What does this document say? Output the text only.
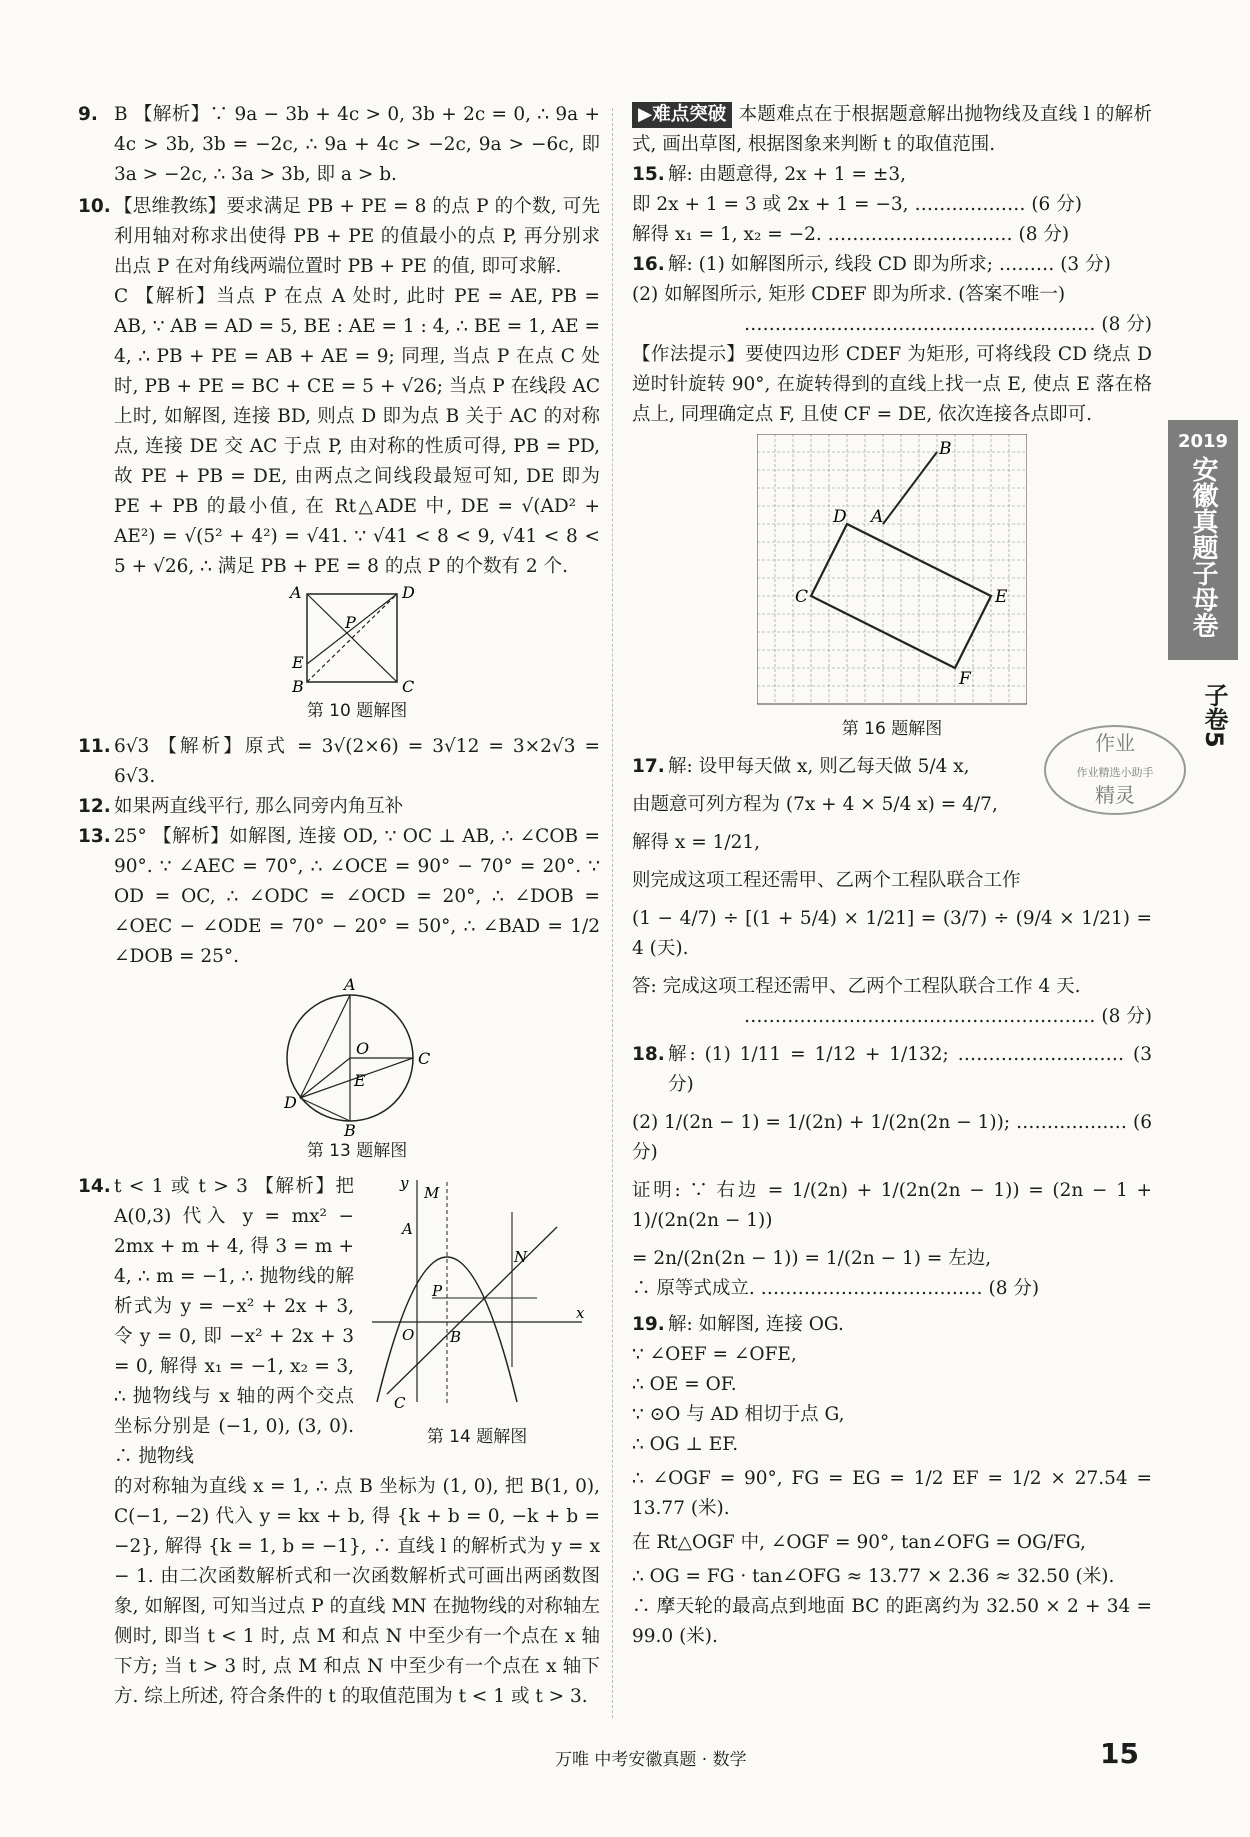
9. B 【解析】∵ 9a − 3b + 4c > 0, 3b + 2c = 0, ∴ 9a + 4c > 3b, 3b = −2c, ∴ 9a + 4c > −2c, 9a > −6c, 即 3a > −2c, ∴ 3a > 3b, 即 a > b.
10. 【思维教练】要求满足 PB + PE = 8 的点 P 的个数, 可先利用轴对称求出使得 PB + PE 的值最小的点 P, 再分别求出点 P 在对角线两端位置时 PB + PE 的值, 即可求解.
C 【解析】当点 P 在点 A 处时, 此时 PE = AE, PB = AB, ∵ AB = AD = 5, BE : AE = 1 : 4, ∴ BE = 1, AE = 4, ∴ PB + PE = AB + AE = 9; 同理, 当点 P 在点 C 处时, PB + PE = BC + CE = 5 + √26; 当点 P 在线段 AC 上时, 如解图, 连接 BD, 则点 D 即为点 B 关于 AC 的对称点, 连接 DE 交 AC 于点 P, 由对称的性质可得, PB = PD, 故 PE + PB = DE, 由两点之间线段最短可知, DE 即为 PE + PB 的最小值, 在 Rt△ADE 中, DE = √(AD² + AE²) = √(5² + 4²) = √41. ∵ √41 < 8 < 9, √41 < 8 < 5 + √26, ∴ 满足 PB + PE = 8 的点 P 的个数有 2 个.
A	D
B	C
E
P
第 10 题解图
11. 6√3 【解析】原式 = 3√(2×6) = 3√12 = 3×2√3 = 6√3.
12. 如果两直线平行, 那么同旁内角互补
13. 25° 【解析】如解图, 连接 OD, ∵ OC ⊥ AB, ∴ ∠COB = 90°. ∵ ∠AEC = 70°, ∴ ∠OCE = 90° − 70° = 20°. ∵ OD = OC, ∴ ∠ODC = ∠OCD = 20°, ∴ ∠DOB = ∠OEC − ∠ODE = 70° − 20° = 50°, ∴ ∠BAD = 1/2 ∠DOB = 25°.
A
O
C
E
D
B
第 13 题解图
14. t < 1 或 t > 3 【解析】把 A(0,3) 代入 y = mx² − 2mx + m + 4, 得 3 = m + 4, ∴ m = −1, ∴ 抛物线的解析式为 y = −x² + 2x + 3, 令 y = 0, 即 −x² + 2x + 3 = 0, 解得 x₁ = −1, x₂ = 3, ∴ 抛物线与 x 轴的两个交点坐标分别是 (−1, 0), (3, 0). ∴ 抛物线
y
x
M
A
N
P
O B
C
第 14 题解图
的对称轴为直线 x = 1, ∴ 点 B 坐标为 (1, 0), 把 B(1, 0), C(−1, −2) 代入 y = kx + b, 得 {k + b = 0, −k + b = −2}, 解得 {k = 1, b = −1}, ∴ 直线 l 的解析式为 y = x − 1. 由二次函数解析式和一次函数解析式可画出两函数图象, 如解图, 可知当过点 P 的直线 MN 在抛物线的对称轴左侧时, 即当 t < 1 时, 点 M 和点 N 中至少有一个点在 x 轴下方; 当 t > 3 时, 点 M 和点 N 中至少有一个点在 x 轴下方. 综上所述, 符合条件的 t 的取值范围为 t < 1 或 t > 3.
▶难点突破 本题难点在于根据题意解出抛物线及直线 l 的解析式, 画出草图, 根据图象来判断 t 的取值范围.
15. 解: 由题意得, 2x + 1 = ±3,
即 2x + 1 = 3 或 2x + 1 = −3, ……………… (6 分)
解得 x₁ = 1, x₂ = −2. ………………………… (8 分)
16. 解: (1) 如解图所示, 线段 CD 即为所求; ……… (3 分)
(2) 如解图所示, 矩形 CDEF 即为所求. (答案不唯一)
………………………………………………… (8 分)
【作法提示】要使四边形 CDEF 为矩形, 可将线段 CD 绕点 D 逆时针旋转 90°, 在旋转得到的直线上找一点 E, 使点 E 落在格点上, 同理确定点 F, 且使 CF = DE, 依次连接各点即可.
B
A
D
C	E
F
第 16 题解图
17. 解: 设甲每天做 x, 则乙每天做 5/4 x,
由题意可列方程为 (7x + 4 × 5/4 x) = 4/7,
解得 x = 1/21,
则完成这项工程还需甲、乙两个工程队联合工作
(1 − 4/7) ÷ [(1 + 5/4) × 1/21] = (3/7) ÷ (9/4 × 1/21) = 4 (天).
答: 完成这项工程还需甲、乙两个工程队联合工作 4 天.
………………………………………………… (8 分)
18. 解: (1) 1/11 = 1/12 + 1/132; ……………………… (3 分)
(2) 1/(2n − 1) = 1/(2n) + 1/(2n(2n − 1)); ……………… (6 分)
证明: ∵ 右边 = 1/(2n) + 1/(2n(2n − 1)) = (2n − 1 + 1)/(2n(2n − 1))
= 2n/(2n(2n − 1)) = 1/(2n − 1) = 左边,
∴ 原等式成立. ……………………………… (8 分)
19. 解: 如解图, 连接 OG.
∵ ∠OEF = ∠OFE,
∴ OE = OF.
∵ ⊙O 与 AD 相切于点 G,
∴ OG ⊥ EF.
∴ ∠OGF = 90°, FG = EG = 1/2 EF = 1/2 × 27.54 = 13.77 (米).
在 Rt△OGF 中, ∠OGF = 90°, tan∠OFG = OG/FG,
∴ OG = FG · tan∠OFG ≈ 13.77 × 2.36 ≈ 32.50 (米).
∴ 摩天轮的最高点到地面 BC 的距离约为 32.50 × 2 + 34 = 99.0 (米).
2019
安徽真题子母卷
子卷5
作业
作业精选小助手
精灵
万唯 中考安徽真题 · 数学	15
